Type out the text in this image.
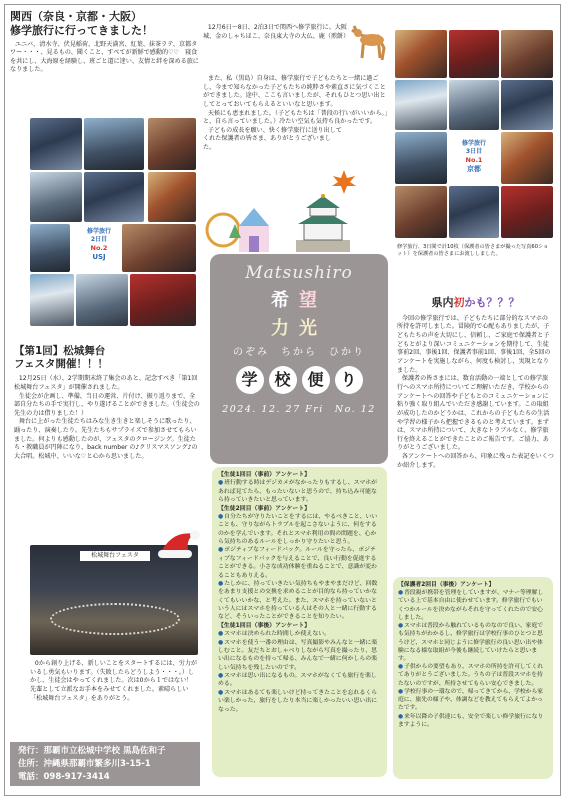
関西（奈良・京都・大阪）
修学旅行に行ってきました！

ユニバ、清水寺、伏見稲荷、北野天満宮、紅葉、抹茶ラテ、京都タワー・・・、見るもの、聞くこと、すべてが新鮮で感動的♡♡　寝食を共にし、大海原を経験し、班ごと道に迷い、友情と絆を深める旅になりました。

修学旅行
2日目
No.2
USJ
【第1回】松城舞台
フェスタ開催！！！

12月25日（水）、2学期期末終了集会のあと、記念すべき「第1回松城舞台フェスタ」が開催されました。

生徒会が企画し、準備、当日の運営、片付け、振り返りまで、全部自分たちの手で実行し、やり遂げることができました。（生徒会の先生の力は借りました！）

舞台に上がった生徒たちはみな生き生きと楽しそうに歌ったり、踊ったり、演奏したり。先生たちもサプライズで参加させてもらいました。何よりも感動したのが、フェスタのクロージング。生徒たち・教職員が円陣になり、back number の♪クリスマスソング♪の大合唱。松城中、いいな♡と心から思いました。

松城舞台フェスタ

0から創り上げる、新しいことをスタートするには、労力がいるし勇気もいります。（失敗したらどうしよう・・・。）しかし、生徒会はやってくれました。次は0から１ではない！先輩として立派なお手本をみせてくれました。素晴らしい「松城舞台フェスタ」をありがとう。

発行：那覇市立松城中学校 黒島佐和子
住所：沖縄県那覇市繁多川3-15-1
電話：098-917-3414

12月6日〜8日、2泊3日で関西へ修学旅行に。大阪城、金のしゃちほこ、奈良東大寺の大仏、鹿（煎餅）

また、私（黒島）自身は、修学旅行で子どもたちと一緒に過ごし、今まで知らなかった子どもたちの純粋さや素直さに気づくことができました。途中、ここも言いましたが、それもひとつ思い出としてとっておいてもらえるといいなと思います。

天候にも恵まれました。（子どもたちは「普段の行いがいいから。」と、自ら言っていました。）冷たい空気も気持ち良かったです。

子どもの成長を願い、快く修学旅行に送り出してくれた保護者の皆さま、ありがとうございました。

Matsushiro
希望
力光
のぞみ　ちから　ひかり
学	校	便	り
2024. 12. 27 Fri　No. 12
【生徒1回目（事前）アンケート】
● 班行動する時はデジカメがなかったりもするし、スマホがあれば見てたら、もったいないと思うので、持ち込み可能なら持っていきたいと思っています。
【生徒2回目（事前）アンケート】
● 自分たちが守りたいことをするには、やるべきこと、いいことも、守りながらトラブルを起こさないように、何をするのかを学んでいます。それとスマホ利用の間の問題を、心から気持ちのあるルールをしっかり守りたいと思う。
● ポジティブなフィードバック。ルールを守ったら、ポジティブなフィードバックを与えることで、良い行動を促進することができる。小さな成功体験を重ねることで、意識が変わることもありえる。
● たしかに、持っていきたい気持ちもやまやまだけど、回数をあまり支援との交換を求めることが目的なら持っていかなくてもいいかな、と考えた。また、スマホを持っていないという人にはスマホを持っている人はその人と一緒に行動するなど、そういったことができることを知りたい。
【生徒1回目（事後）アンケート】
● スマホは決められた時間しか使えない。
● スマホを使う一番の理由は、写真撮影やみんなと一緒に楽しむこと。友だちとおしゃべりしながら写真を撮ったり、思い出になるものを持って帰る、みんなで一緒に何かしらの楽しい気持ちを残したいのです。
● スマホは思い出になるもの。スマホがなくても旅行を楽しめる。
● スマホはあるても楽しいけど持ってきたことを忘れるくらい楽しかった、旅行をしたり本当に楽しかったいい思い出になった。
修学旅行
3日目
No.1
京都

修学旅行、3日間で計10枚（保護者の皆さまが撮った写真60ショット）を保護者の皆さまにお渡ししました。

県内初かも？？？

今回の修学旅行では、子どもたちに部分的なスマホの所持を許可しました。冒険的で心配もありましたが、子どもたちの声を大切にし、信頼し、ご家庭で保護者と子どもとがより深いコミュニケーションを期待して、生徒事前2回、事後1回、保護者事前1回、事後1回、全5回のアンケートを実施しながら、何度も検討し、実現となりました。

保護者の皆さまには、数育活動の一端としての修学旅行へのスマホ所持についてご理解いただき、学校からのアンケートへの回答や子どもとのコミュニケーションに粘り強く取り組んでいただき感謝しています。この取組が成功したのかどうかは、これからの子どもたちの生活や学習の様子から把握できるものと考えています。まずは、スマホ所持について、大きなトラブルなく、修学旅行を終えることができたことのご報告です。ご協力、ありがとうございました。

各アンケートへの回答から、印象に残った表記をいくつか紹介します。

【保護者2回目（事後）アンケート】
● 普段親が携帯を管理をしていますが、マナー等理解している上で基本自由に使わせています。修学旅行でもいくつかルールを決めながらそれを守ってくれたので安心しました。
● スマホは普段から触れているものなので良い、家庭でも気持ちがわかるし、修学旅行は学校行事のひとつと思うけど、スマホと同じように修学旅行の良い思い出や体験になる様な取組が今後も継続していけたらと思います。
● 子供からの要望もあり、スマホの所持を許可してくれてありがとうございました。うちの子は普段スマホを持たないのですが、所持させてもらい安心できました。
● 学校行事の一環なので、帰ってきてから、学校から家庭に、旅先の様子や、体調などを教えてもらえてよかったです。
● 来年以降の子供達にも、安全で楽しい修学旅行になりますように。
